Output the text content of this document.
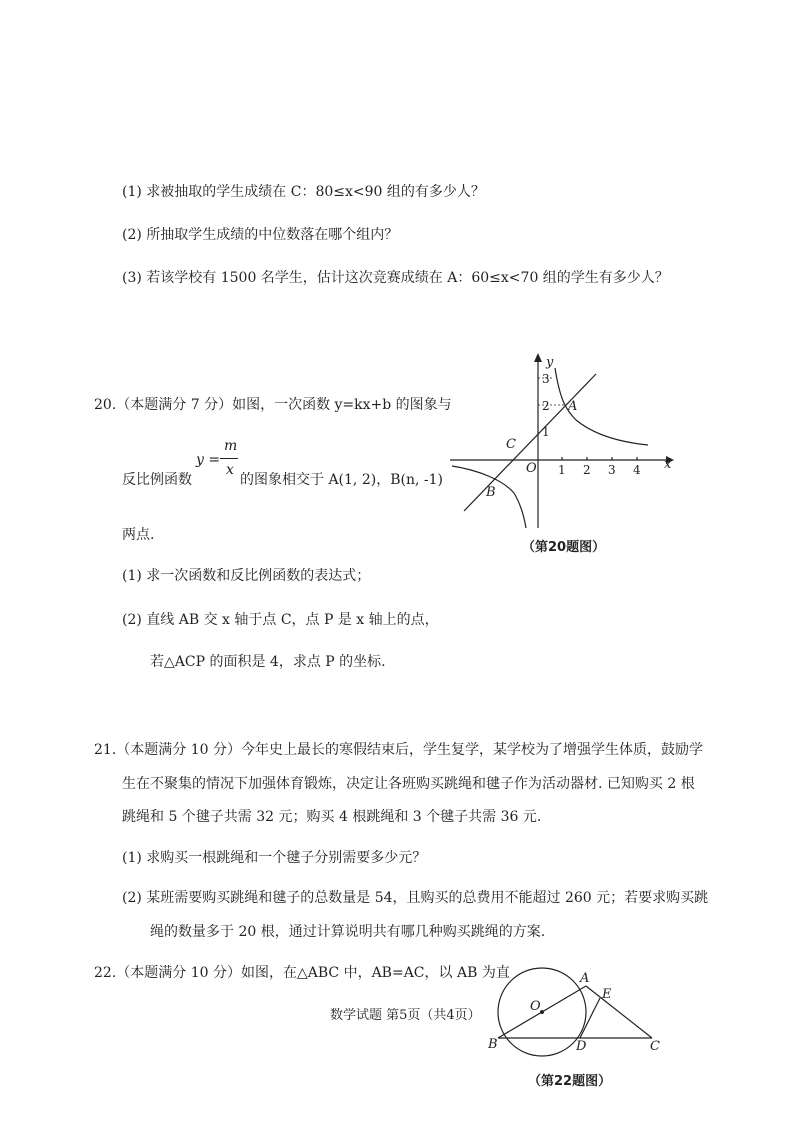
(1) 求被抽取的学生成绩在 C：80≤x<90 组的有多少人？
(2) 所抽取学生成绩的中位数落在哪个组内？
(3) 若该学校有 1500 名学生，估计这次竞赛成绩在 A：60≤x<70 组的学生有多少人？
20.（本题满分 7 分）如图，一次函数 y=kx+b 的图象与
反比例函数
y =
m
x
的图象相交于 A(1, 2)，B(n, -1)
两点.
(1) 求一次函数和反比例函数的表达式；
(2) 直线 AB 交 x 轴于点 C，点 P 是 x 轴上的点，
若△ACP 的面积是 4，求点 P 的坐标.
y
x
O
A
B
C
1 2 3 4
1
2
3
（第20题图）
21.（本题满分 10 分）今年史上最长的寒假结束后，学生复学，某学校为了增强学生体质，鼓励学
生在不聚集的情况下加强体育锻炼，决定让各班购买跳绳和毽子作为活动器材. 已知购买 2 根
跳绳和 5 个毽子共需 32 元；购买 4 根跳绳和 3 个毽子共需 36 元.
(1) 求购买一根跳绳和一个毽子分别需要多少元？
(2) 某班需要购买跳绳和毽子的总数量是 54，且购买的总费用不能超过 260 元；若要求购买跳
绳的数量多于 20 根，通过计算说明共有哪几种购买跳绳的方案.
22.（本题满分 10 分）如图，在△ABC 中，AB=AC，以 AB 为直
O
A
E
B	D	C
（第22题图）
数学试题 第5页（共4页）
